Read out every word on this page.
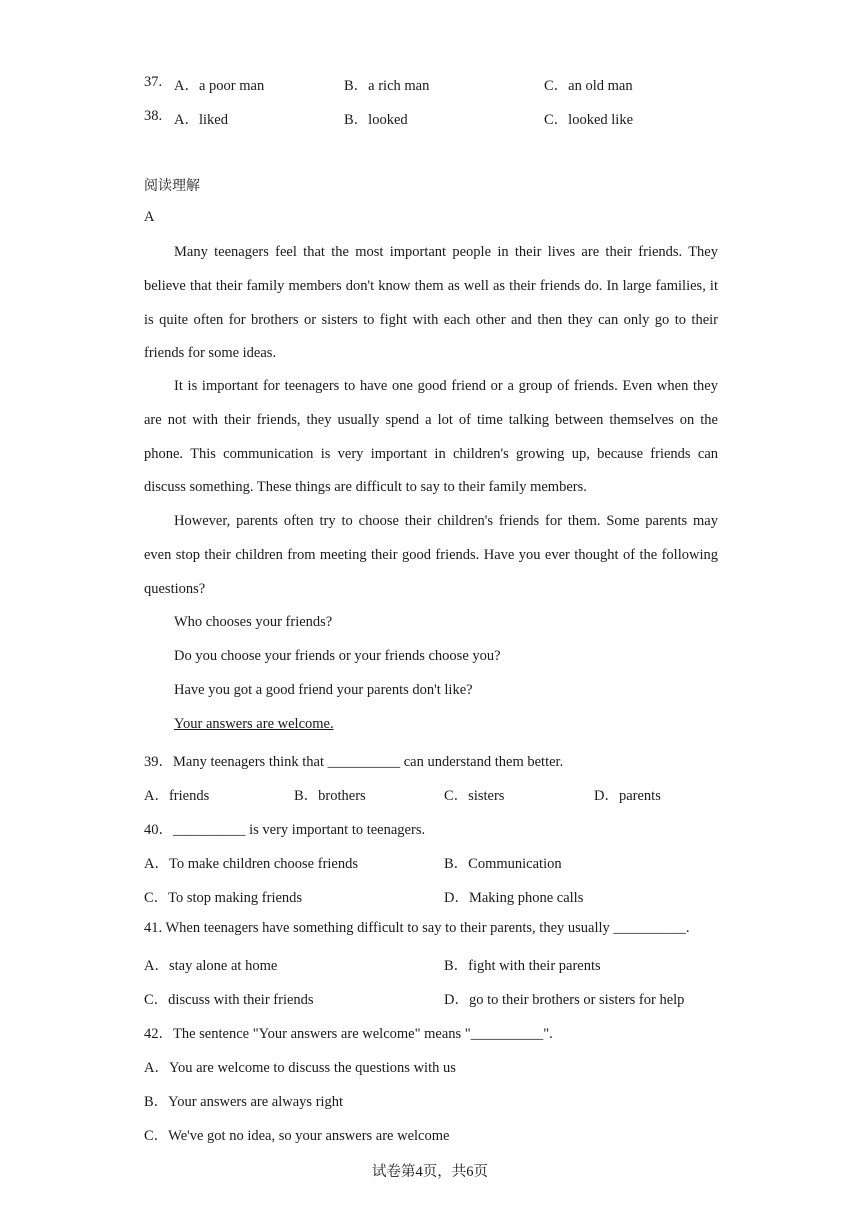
37. A．a poor man	B．a rich man	C．an old man
38. A．liked	B．looked	C．looked like
阅读理解
A
Many teenagers feel that the most important people in their lives are their friends. They believe that their family members don't know them as well as their friends do. In large families, it is quite often for brothers or sisters to fight with each other and then they can only go to their friends for some ideas.
It is important for teenagers to have one good friend or a group of friends. Even when they are not with their friends, they usually spend a lot of time talking between themselves on the phone. This communication is very important in children's growing up, because friends can discuss something. These things are difficult to say to their family members.
However, parents often try to choose their children's friends for them. Some parents may even stop their children from meeting their good friends. Have you ever thought of the following questions?
Who chooses your friends?
Do you choose your friends or your friends choose you?
Have you got a good friend your parents don't like?
Your answers are welcome.
39．Many teenagers think that __________ can understand them better.
A．friends	B．brothers	C．sisters	D．parents
40．__________ is very important to teenagers.
A．To make children choose friends	B．Communication
C．To stop making friends	D．Making phone calls
41. When teenagers have something difficult to say to their parents, they usually __________.
A．stay alone at home	B．fight with their parents
C．discuss with their friends	D．go to their brothers or sisters for help
42．The sentence "Your answers are welcome" means "__________".
A．You are welcome to discuss the questions with us
B．Your answers are always right
C．We've got no idea, so your answers are welcome
试卷第4页，共6页
